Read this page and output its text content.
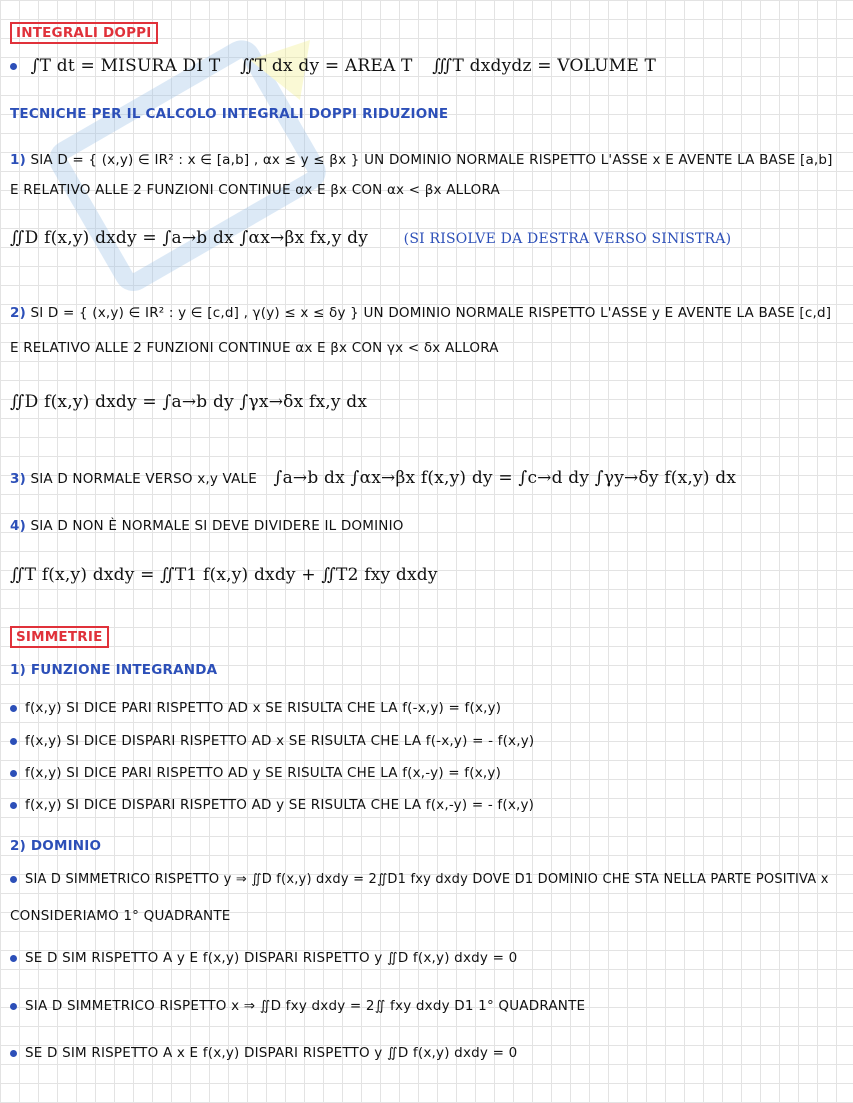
INTEGRALI DOPPI
∫T dt = MISURA DI T ∬T dx dy = AREA T ∭T dxdydz = VOLUME T
TECNICHE PER IL CALCOLO INTEGRALI DOPPI RIDUZIONE
1) SIA D = { (x,y) ∈ IR² : x ∈ [a,b] , αx ≤ y ≤ βx } UN DOMINIO NORMALE RISPETTO L'ASSE x E AVENTE LA BASE [a,b]
E RELATIVO ALLE 2 FUNZIONI CONTINUE αx E βx CON αx < βx ALLORA
∬D f(x,y) dxdy = ∫a→b dx ∫αx→βx fx,y dy	(SI RISOLVE DA DESTRA VERSO SINISTRA)
2) SI D = { (x,y) ∈ IR² : y ∈ [c,d] , γ(y) ≤ x ≤ δy } UN DOMINIO NORMALE RISPETTO L'ASSE y E AVENTE LA BASE [c,d]
E RELATIVO ALLE 2 FUNZIONI CONTINUE αx E βx CON γx < δx ALLORA
∬D f(x,y) dxdy = ∫a→b dy ∫γx→δx fx,y dx
3) SIA D NORMALE VERSO x,y VALE ∫a→b dx ∫αx→βx f(x,y) dy = ∫c→d dy ∫γy→δy f(x,y) dx
4) SIA D NON È NORMALE SI DEVE DIVIDERE IL DOMINIO
∬T f(x,y) dxdy = ∬T1 f(x,y) dxdy + ∬T2 fxy dxdy
SIMMETRIE
1) FUNZIONE INTEGRANDA
f(x,y) SI DICE PARI RISPETTO AD x SE RISULTA CHE LA f(-x,y) = f(x,y)
f(x,y) SI DICE DISPARI RISPETTO AD x SE RISULTA CHE LA f(-x,y) = - f(x,y)
f(x,y) SI DICE PARI RISPETTO AD y SE RISULTA CHE LA f(x,-y) = f(x,y)
f(x,y) SI DICE DISPARI RISPETTO AD y SE RISULTA CHE LA f(x,-y) = - f(x,y)
2) DOMINIO
SIA D SIMMETRICO RISPETTO y ⇒ ∬D f(x,y) dxdy = 2∬D1 fxy dxdy DOVE D1 DOMINIO CHE STA NELLA PARTE POSITIVA x
CONSIDERIAMO 1° QUADRANTE
SE D SIM RISPETTO A y E f(x,y) DISPARI RISPETTO y ∬D f(x,y) dxdy = 0
SIA D SIMMETRICO RISPETTO x ⇒ ∬D fxy dxdy = 2∬ fxy dxdy D1 1° QUADRANTE
SE D SIM RISPETTO A x E f(x,y) DISPARI RISPETTO y ∬D f(x,y) dxdy = 0
